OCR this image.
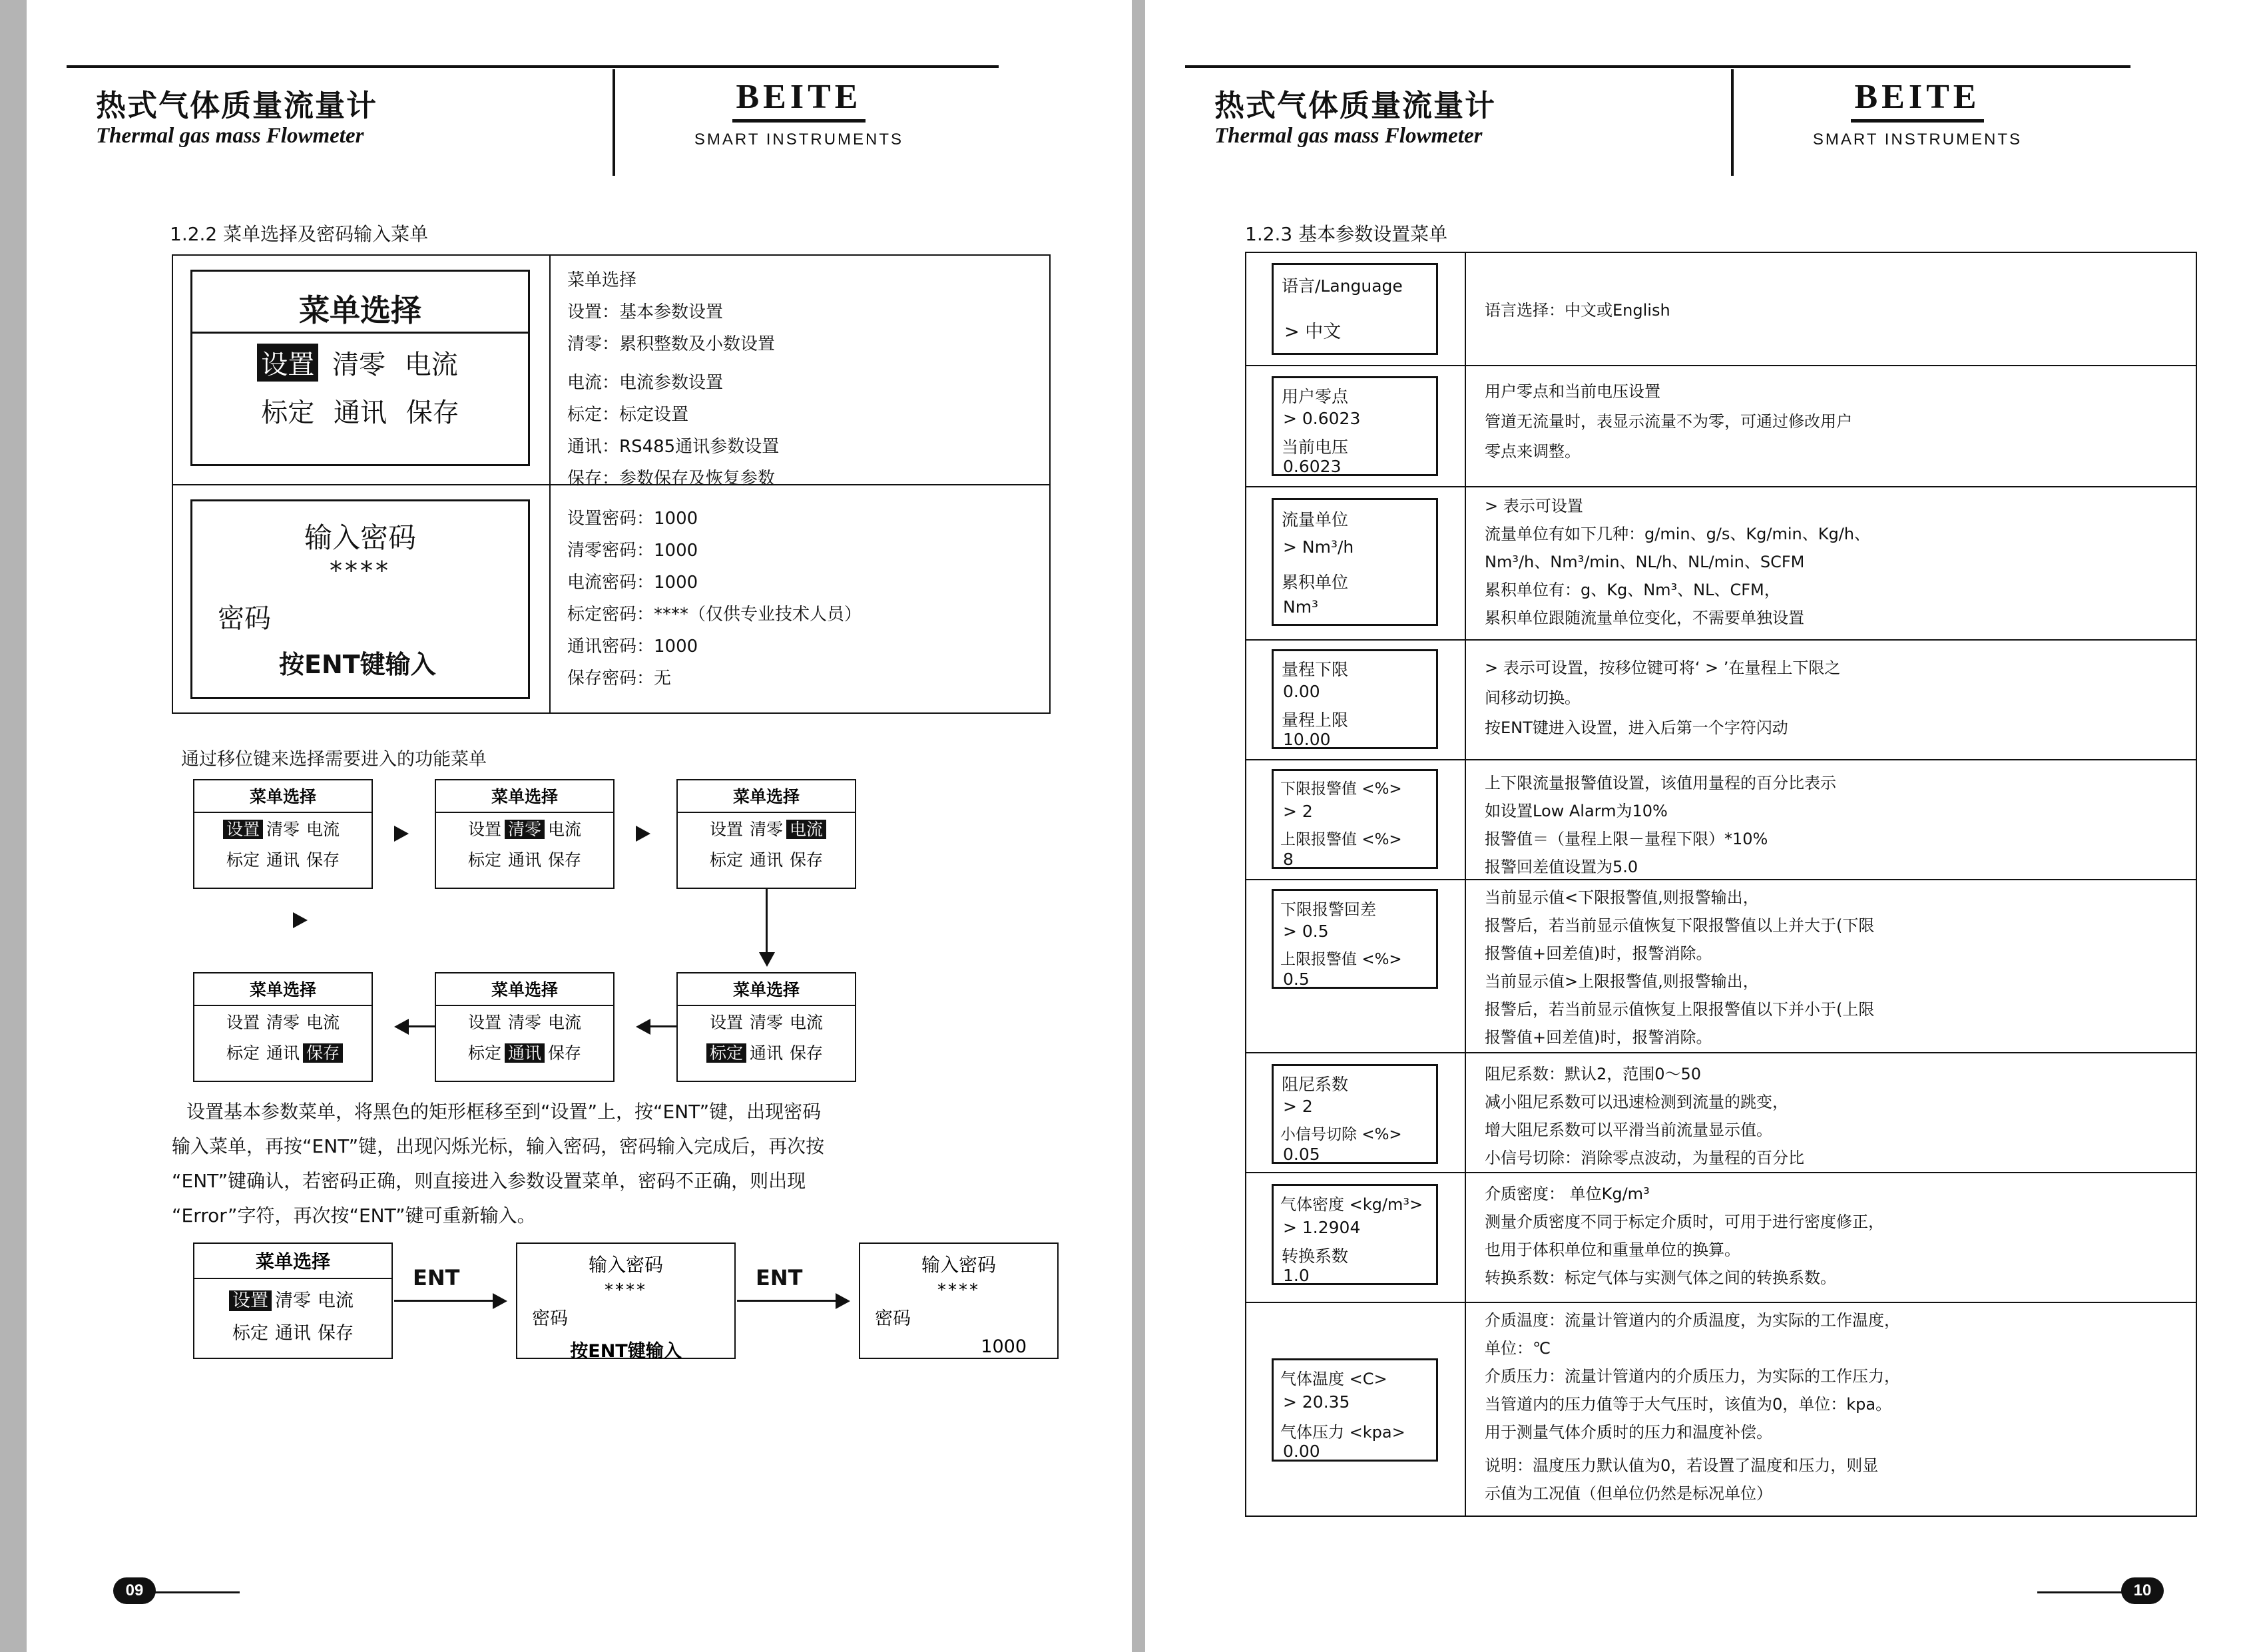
热式气体质量流量计
Thermal gas mass Flowmeter
BEITE
SMART INSTRUMENTS
1.2.2 菜单选择及密码输入菜单
菜单选择
设置 清零 电流
标定 通讯 保存
菜单选择
设置：基本参数设置
清零：累积整数及小数设置
电流：电流参数设置
标定：标定设置
通讯：RS485通讯参数设置
保存：参数保存及恢复参数
输入密码
****
密码
按ENT键输入
设置密码：1000
清零密码：1000
电流密码：1000
标定密码：****（仅供专业技术人员）
通讯密码：1000
保存密码：无
通过移位键来选择需要进入的功能菜单
菜单选择
设置 清零 电流
标定 通讯 保存
菜单选择
设置 清零 电流
标定 通讯 保存
菜单选择
设置 清零 电流
标定 通讯 保存
菜单选择
设置 清零 电流
标定 通讯 保存
菜单选择
设置 清零 电流
标定 通讯 保存
菜单选择
设置 清零 电流
标定 通讯 保存
设置基本参数菜单，将黑色的矩形框移至到“设置”上，按“ENT”键，出现密码
输入菜单，再按“ENT”键，出现闪烁光标，输入密码，密码输入完成后，再次按
“ENT”键确认，若密码正确，则直接进入参数设置菜单，密码不正确，则出现
“Error”字符，再次按“ENT”键可重新输入。
菜单选择
设置 清零 电流
标定 通讯 保存
ENT
输入密码
****
密码
按ENT键输入
ENT
输入密码
****
密码
1000
09
热式气体质量流量计
Thermal gas mass Flowmeter
BEITE
SMART INSTRUMENTS
1.2.3 基本参数设置菜单
语言/Language
> 中文
语言选择：中文或English
用户零点
> 0.6023
当前电压
0.6023
用户零点和当前电压设置
管道无流量时，表显示流量不为零，可通过修改用户
零点来调整。
流量单位
> Nm³/h
累积单位
Nm³
> 表示可设置
流量单位有如下几种：g/min、g/s、Kg/min、Kg/h、
Nm³/h、Nm³/min、NL/h、NL/min、SCFM
累积单位有：g、Kg、Nm³、NL、CFM，
累积单位跟随流量单位变化，不需要单独设置
量程下限
0.00
量程上限
10.00
> 表示可设置，按移位键可将‘ > ’在量程上下限之
间移动切换。
按ENT键进入设置，进入后第一个字符闪动
下限报警值 <%>
> 2
上限报警值 <%>
8
上下限流量报警值设置，该值用量程的百分比表示
如设置Low Alarm为10%
报警值＝（量程上限－量程下限）*10%
报警回差值设置为5.0
下限报警回差
> 0.5
上限报警值 <%>
0.5
当前显示值<下限报警值,则报警输出，
报警后，若当前显示值恢复下限报警值以上并大于(下限
报警值+回差值)时，报警消除。
当前显示值>上限报警值,则报警输出，
报警后，若当前显示值恢复上限报警值以下并小于(上限
报警值+回差值)时，报警消除。
阻尼系数
> 2
小信号切除 <%>
0.05
阻尼系数：默认2，范围0～50
减小阻尼系数可以迅速检测到流量的跳变，
增大阻尼系数可以平滑当前流量显示值。
小信号切除：消除零点波动，为量程的百分比
气体密度 <kg/m³>
> 1.2904
转换系数
1.0
介质密度： 单位Kg/m³
测量介质密度不同于标定介质时，可用于进行密度修正，
也用于体积单位和重量单位的换算。
转换系数：标定气体与实测气体之间的转换系数。
气体温度 <C>
> 20.35
气体压力 <kpa>
0.00
介质温度：流量计管道内的介质温度，为实际的工作温度，
单位：℃
介质压力：流量计管道内的介质压力，为实际的工作压力，
当管道内的压力值等于大气压时，该值为0，单位：kpa。
用于测量气体介质时的压力和温度补偿。
说明：温度压力默认值为0，若设置了温度和压力，则显
示值为工况值（但单位仍然是标况单位）
10
